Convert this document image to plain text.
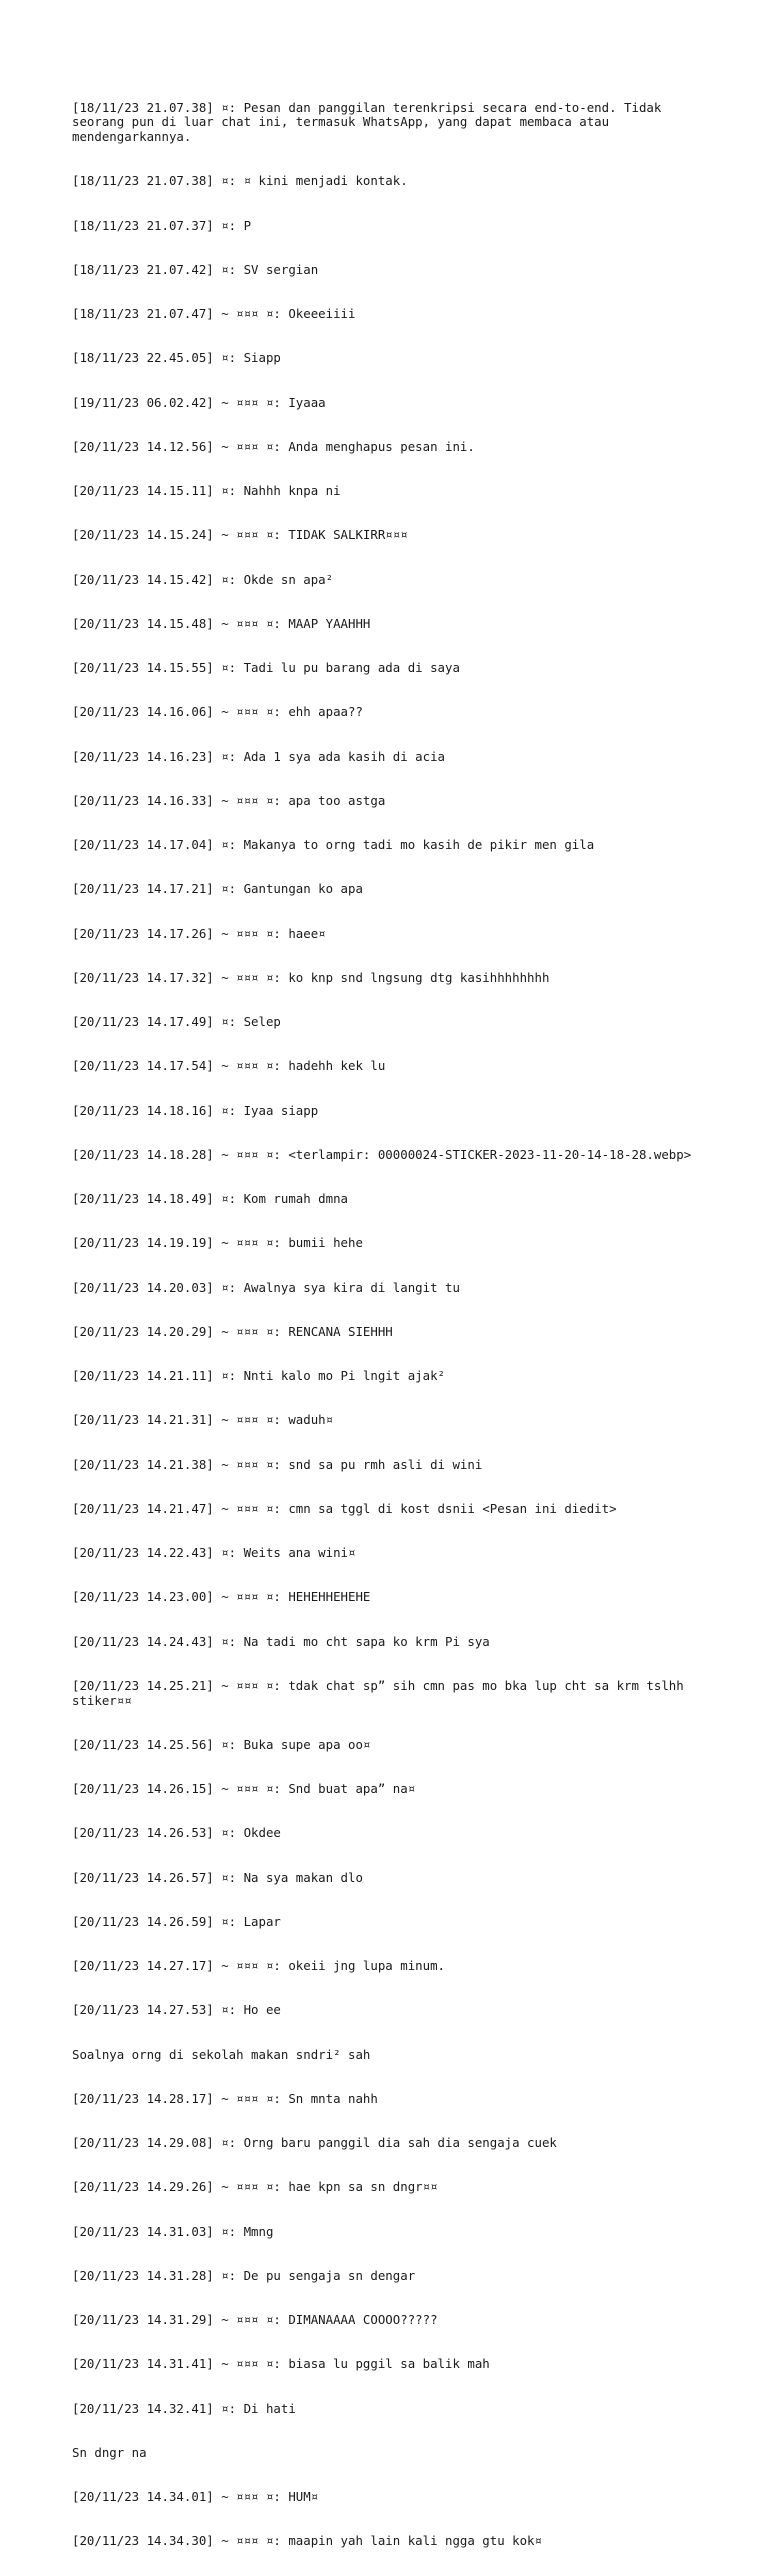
[18/11/23 21.07.38] ¤: Pesan dan panggilan terenkripsi secara end-to-end. Tidak seorang pun di luar chat ini, termasuk WhatsApp, yang dapat membaca atau mendengarkannya.

[18/11/23 21.07.38] ¤: ¤ kini menjadi kontak.

[18/11/23 21.07.37] ¤: P

[18/11/23 21.07.42] ¤: SV sergian

[18/11/23 21.07.47] ~ ¤¤¤ ¤: Okeeeiiii

[18/11/23 22.45.05] ¤: Siapp

[19/11/23 06.02.42] ~ ¤¤¤ ¤: Iyaaa

[20/11/23 14.12.56] ~ ¤¤¤ ¤: Anda menghapus pesan ini.

[20/11/23 14.15.11] ¤: Nahhh knpa ni

[20/11/23 14.15.24] ~ ¤¤¤ ¤: TIDAK SALKIRR¤¤¤

[20/11/23 14.15.42] ¤: Okde sn apa²

[20/11/23 14.15.48] ~ ¤¤¤ ¤: MAAP YAAHHH

[20/11/23 14.15.55] ¤: Tadi lu pu barang ada di saya

[20/11/23 14.16.06] ~ ¤¤¤ ¤: ehh apaa??

[20/11/23 14.16.23] ¤: Ada 1 sya ada kasih di acia

[20/11/23 14.16.33] ~ ¤¤¤ ¤: apa too astga

[20/11/23 14.17.04] ¤: Makanya to orng tadi mo kasih de pikir men gila

[20/11/23 14.17.21] ¤: Gantungan ko apa

[20/11/23 14.17.26] ~ ¤¤¤ ¤: haee¤

[20/11/23 14.17.32] ~ ¤¤¤ ¤: ko knp snd lngsung dtg kasihhhhhhhh

[20/11/23 14.17.49] ¤: Selep

[20/11/23 14.17.54] ~ ¤¤¤ ¤: hadehh kek lu

[20/11/23 14.18.16] ¤: Iyaa siapp

[20/11/23 14.18.28] ~ ¤¤¤ ¤: <terlampir: 00000024-STICKER-2023-11-20-14-18-28.webp>

[20/11/23 14.18.49] ¤: Kom rumah dmna

[20/11/23 14.19.19] ~ ¤¤¤ ¤: bumii hehe

[20/11/23 14.20.03] ¤: Awalnya sya kira di langit tu

[20/11/23 14.20.29] ~ ¤¤¤ ¤: RENCANA SIEHHH

[20/11/23 14.21.11] ¤: Nnti kalo mo Pi lngit ajak²

[20/11/23 14.21.31] ~ ¤¤¤ ¤: waduh¤

[20/11/23 14.21.38] ~ ¤¤¤ ¤: snd sa pu rmh asli di wini

[20/11/23 14.21.47] ~ ¤¤¤ ¤: cmn sa tggl di kost dsnii <Pesan ini diedit>

[20/11/23 14.22.43] ¤: Weits ana wini¤

[20/11/23 14.23.00] ~ ¤¤¤ ¤: HEHEHHEHEHE

[20/11/23 14.24.43] ¤: Na tadi mo cht sapa ko krm Pi sya

[20/11/23 14.25.21] ~ ¤¤¤ ¤: tdak chat sp” sih cmn pas mo bka lup cht sa krm tslhh stiker¤¤

[20/11/23 14.25.56] ¤: Buka supe apa oo¤

[20/11/23 14.26.15] ~ ¤¤¤ ¤: Snd buat apa” na¤

[20/11/23 14.26.53] ¤: Okdee

[20/11/23 14.26.57] ¤: Na sya makan dlo

[20/11/23 14.26.59] ¤: Lapar

[20/11/23 14.27.17] ~ ¤¤¤ ¤: okeii jng lupa minum.

[20/11/23 14.27.53] ¤: Ho ee

Soalnya orng di sekolah makan sndri² sah

[20/11/23 14.28.17] ~ ¤¤¤ ¤: Sn mnta nahh

[20/11/23 14.29.08] ¤: Orng baru panggil dia sah dia sengaja cuek

[20/11/23 14.29.26] ~ ¤¤¤ ¤: hae kpn sa sn dngr¤¤

[20/11/23 14.31.03] ¤: Mmng

[20/11/23 14.31.28] ¤: De pu sengaja sn dengar

[20/11/23 14.31.29] ~ ¤¤¤ ¤: DIMANAAAA COOOO?????

[20/11/23 14.31.41] ~ ¤¤¤ ¤: biasa lu pggil sa balik mah

[20/11/23 14.32.41] ¤: Di hati

Sn dngr na

[20/11/23 14.34.01] ~ ¤¤¤ ¤: HUM¤

[20/11/23 14.34.30] ~ ¤¤¤ ¤: maapin yah lain kali ngga gtu kok¤
